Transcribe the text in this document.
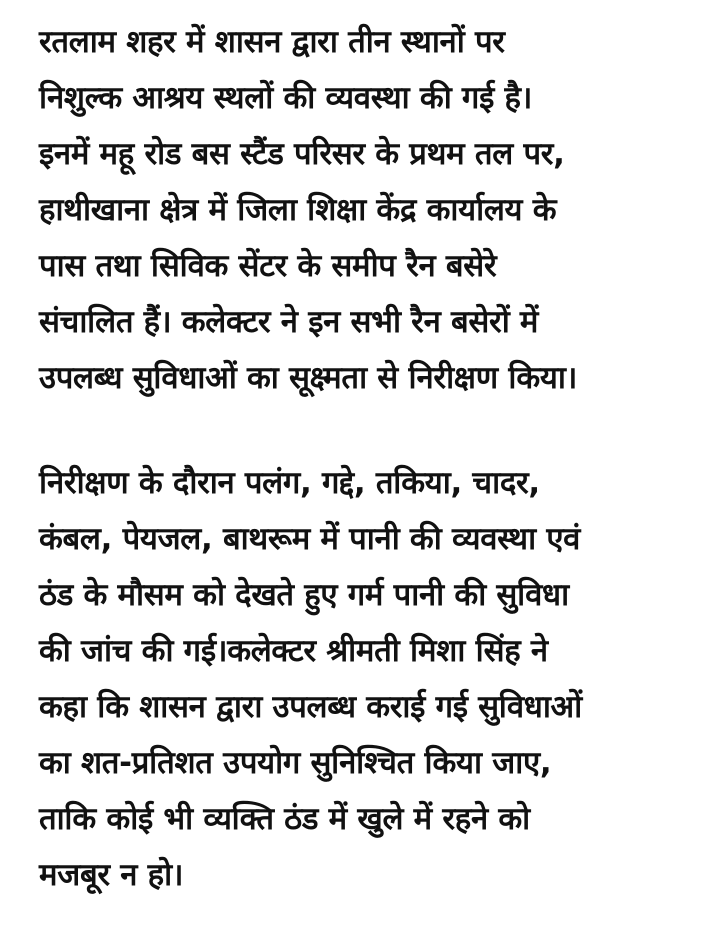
रतलाम शहर में शासन द्वारा तीन स्थानों पर
निशुल्क आश्रय स्थलों की व्यवस्था की गई है।
इनमें महू रोड बस स्टैंड परिसर के प्रथम तल पर,
हाथीखाना क्षेत्र में जिला शिक्षा केंद्र कार्यालय के
पास तथा सिविक सेंटर के समीप रैन बसेरे
संचालित हैं। कलेक्टर ने इन सभी रैन बसेरों में
उपलब्ध सुविधाओं का सूक्ष्मता से निरीक्षण किया।
निरीक्षण के दौरान पलंग, गद्दे, तकिया, चादर,
कंबल, पेयजल, बाथरूम में पानी की व्यवस्था एवं
ठंड के मौसम को देखते हुए गर्म पानी की सुविधा
की जांच की गई।कलेक्टर श्रीमती मिशा सिंह ने
कहा कि शासन द्वारा उपलब्ध कराई गई सुविधाओं
का शत-प्रतिशत उपयोग सुनिश्चित किया जाए,
ताकि कोई भी व्यक्ति ठंड में खुले में रहने को
मजबूर न हो।
